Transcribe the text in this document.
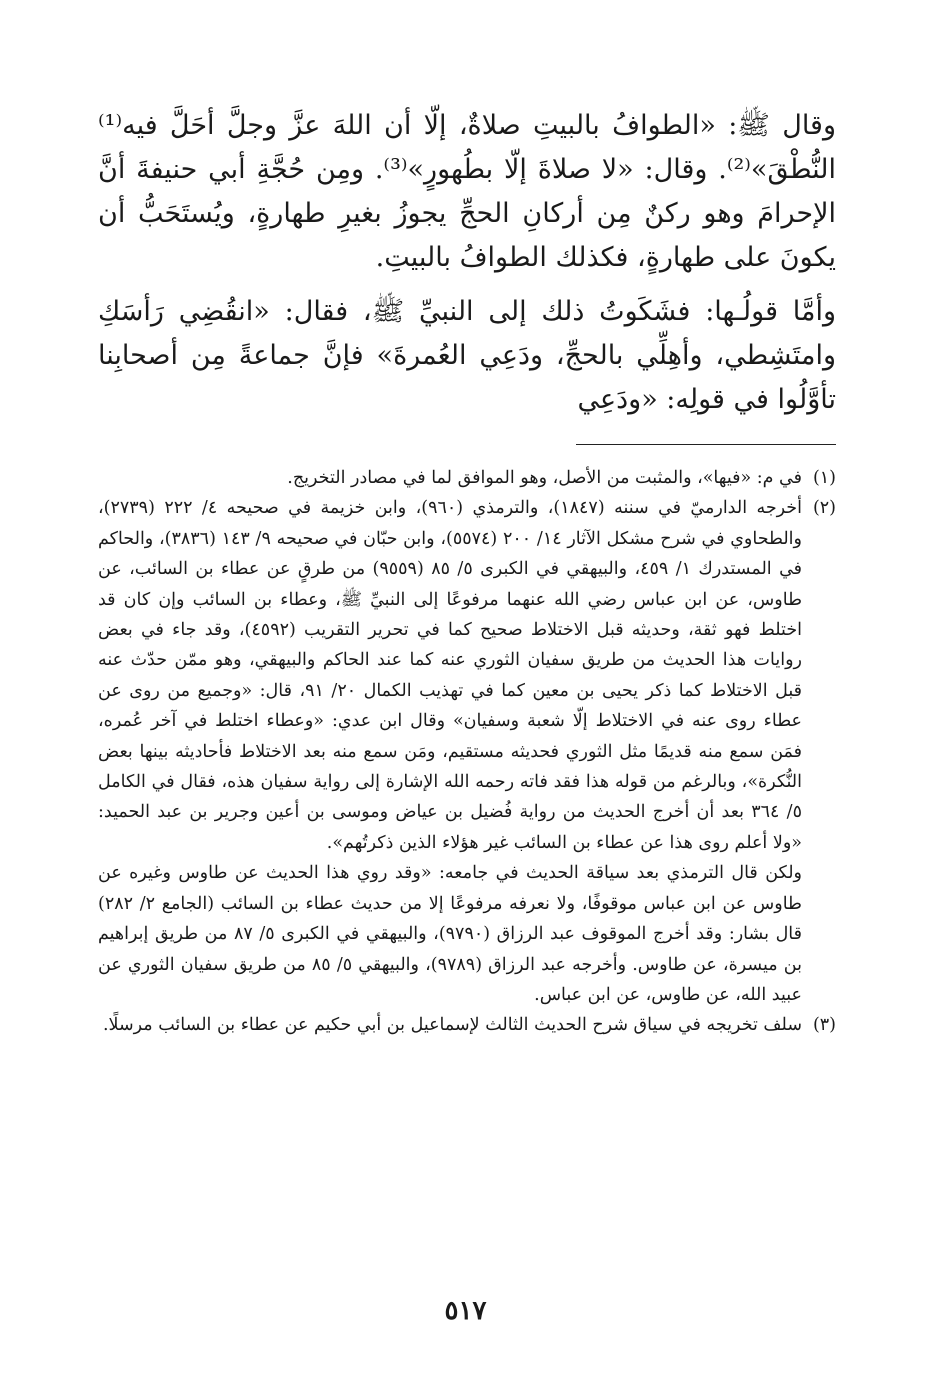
وقال ﷺ: «الطوافُ بالبيتِ صلاةٌ، إلّا أن اللهَ عزَّ وجلَّ أحَلَّ فيه⁽¹⁾ النُّطْقَ»⁽²⁾. وقال: «لا صلاةَ إلّا بطُهورٍ»⁽³⁾. ومِن حُجَّةِ أبي حنيفةَ أنَّ الإحرامَ وهو ركنٌ مِن أركانِ الحجِّ يجوزُ بغيرِ طهارةٍ، ويُستَحَبُّ أن يكونَ على طهارةٍ، فكذلك الطوافُ بالبيتِ.

وأمَّا قولُـها: فشَكَوتُ ذلك إلى النبيِّ ﷺ، فقال: «انقُضِي رَأسَكِ وامتَشِطي، وأهِلِّي بالحجِّ، ودَعِي العُمرةَ» فإنَّ جماعةً مِن أصحابِنا تأوَّلُوا في قولِه: «ودَعِي

(١)في م: «فيها»، والمثبت من الأصل، وهو الموافق لما في مصادر التخريج.

(٢)أخرجه الدارميّ في سننه (١٨٤٧)، والترمذي (٩٦٠)، وابن خزيمة في صحيحه ٤/ ٢٢٢ (٢٧٣٩)، والطحاوي في شرح مشكل الآثار ١٤/ ٢٠٠ (٥٥٧٤)، وابن حبّان في صحيحه ٩/ ١٤٣ (٣٨٣٦)، والحاكم في المستدرك ١/ ٤٥٩، والبيهقي في الكبرى ٥/ ٨٥ (٩٥٥٩) من طرقٍ عن عطاء بن السائب، عن طاوس، عن ابن عباس رضي الله عنهما مرفوعًا إلى النبيِّ ﷺ، وعطاء بن السائب وإن كان قد اختلط فهو ثقة، وحديثه قبل الاختلاط صحيح كما في تحرير التقريب (٤٥٩٢)، وقد جاء في بعض روايات هذا الحديث من طريق سفيان الثوري عنه كما عند الحاكم والبيهقي، وهو ممّن حدّث عنه قبل الاختلاط كما ذكر يحيى بن معين كما في تهذيب الكمال ٢٠/ ٩١، قال: «وجميع من روى عن عطاء روى عنه في الاختلاط إلّا شعبة وسفيان» وقال ابن عدي: «وعطاء اختلط في آخر عُمره، فمَن سمع منه قديمًا مثل الثوري فحديثه مستقيم، ومَن سمع منه بعد الاختلاط فأحاديثه بينها بعض النُّكرة»، وبالرغم من قوله هذا فقد فاته رحمه الله الإشارة إلى رواية سفيان هذه، فقال في الكامل ٥/ ٣٦٤ بعد أن أخرج الحديث من رواية فُضيل بن عياض وموسى بن أعين وجرير بن عبد الحميد: «ولا أعلم روى هذا عن عطاء بن السائب غير هؤلاء الذين ذكرتُهم».

ولكن قال الترمذي بعد سياقة الحديث في جامعه: «وقد روي هذا الحديث عن طاوس وغيره عن طاوس عن ابن عباس موقوفًا، ولا نعرفه مرفوعًا إلا من حديث عطاء بن السائب (الجامع ٢/ ٢٨٢) قال بشار: وقد أخرج الموقوف عبد الرزاق (٩٧٩٠)، والبيهقي في الكبرى ٥/ ٨٧ من طريق إبراهيم بن ميسرة، عن طاوس. وأخرجه عبد الرزاق (٩٧٨٩)، والبيهقي ٥/ ٨٥ من طريق سفيان الثوري عن عبيد الله، عن طاوس، عن ابن عباس.

(٣)سلف تخريجه في سياق شرح الحديث الثالث لإسماعيل بن أبي حكيم عن عطاء بن السائب مرسلًا.

٥١٧
